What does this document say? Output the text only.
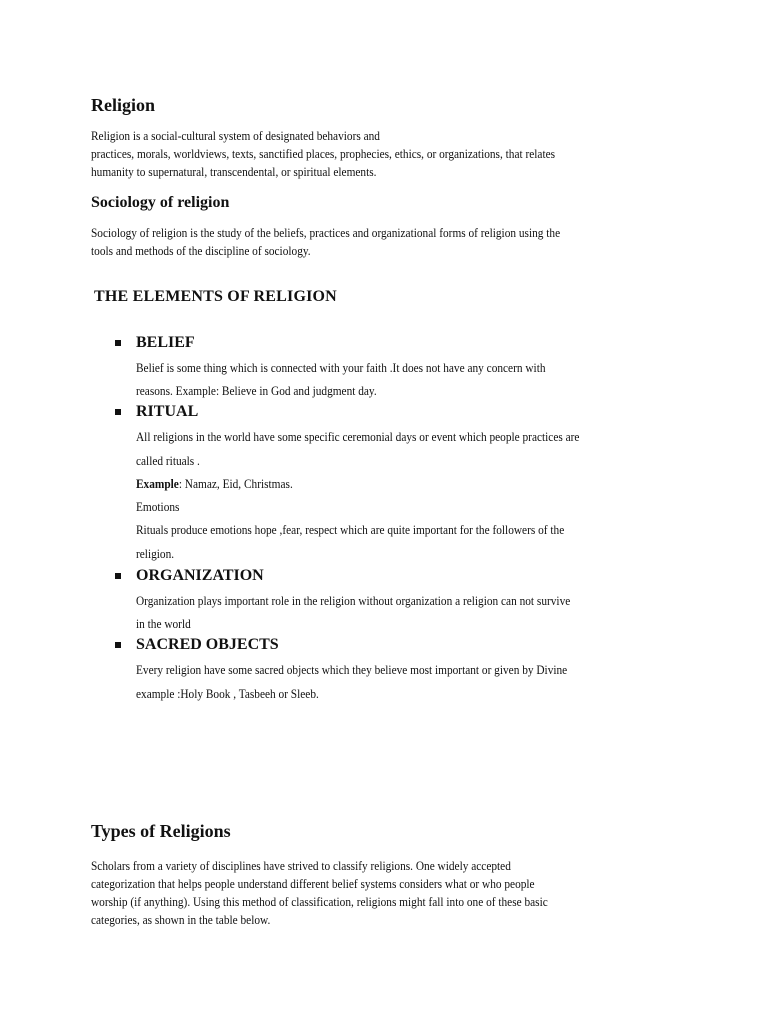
Religion
Religion is a social-cultural system of designated behaviors and
practices, morals, worldviews, texts, sanctified places, prophecies, ethics, or organizations, that relates
humanity to supernatural, transcendental, or spiritual elements.
Sociology of religion
Sociology of religion is the study of the beliefs, practices and organizational forms of religion using the
tools and methods of the discipline of sociology.
THE ELEMENTS OF RELIGION
BELIEF
Belief is some thing which is connected with your faith .It does not have any concern with
reasons. Example: Believe in God and judgment day.
RITUAL
All religions in the world have some specific ceremonial days or event which people practices are
called rituals .
Example: Namaz, Eid, Christmas.
Emotions
Rituals produce emotions hope ,fear, respect which are quite important for the followers of the
religion.
ORGANIZATION
Organization plays important role in the religion without organization a religion can not survive
in the world
SACRED OBJECTS
Every religion have some sacred objects which they believe most important or given by Divine
example :Holy Book , Tasbeeh or Sleeb.
Types of Religions
Scholars from a variety of disciplines have strived to classify religions. One widely accepted
categorization that helps people understand different belief systems considers what or who people
worship (if anything). Using this method of classification, religions might fall into one of these basic
categories, as shown in the table below.
